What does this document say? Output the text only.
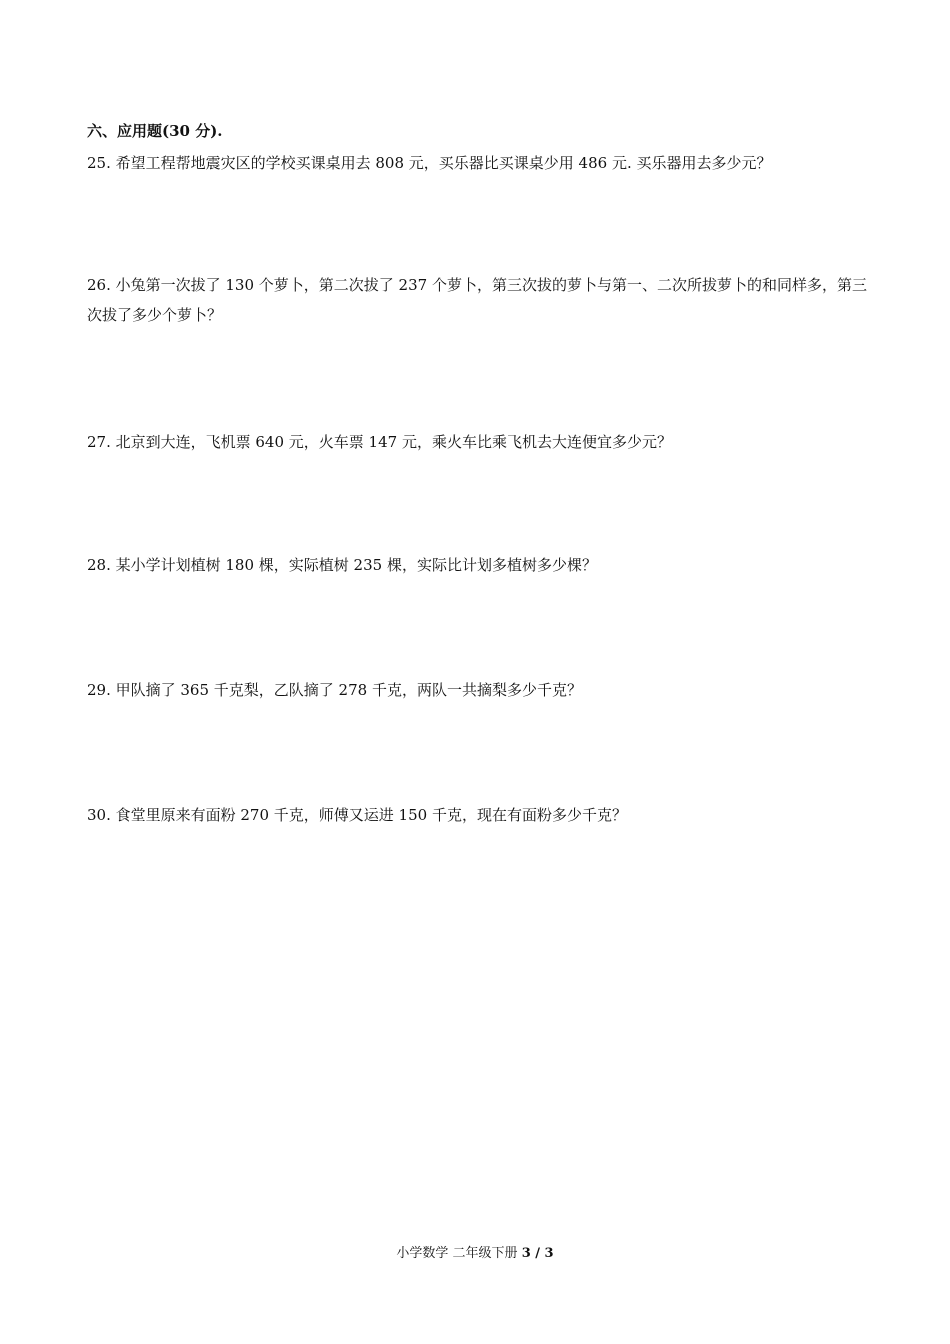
六、应用题(30 分).
25. 希望工程帮地震灾区的学校买课桌用去 808 元，买乐器比买课桌少用 486 元. 买乐器用去多少元？
26. 小兔第一次拔了 130 个萝卜，第二次拔了 237 个萝卜，第三次拔的萝卜与第一、二次所拔萝卜的和同样多，第三次拔了多少个萝卜？
27. 北京到大连，飞机票 640 元，火车票 147 元，乘火车比乘飞机去大连便宜多少元？
28. 某小学计划植树 180 棵，实际植树 235 棵，实际比计划多植树多少棵？
29. 甲队摘了 365 千克梨，乙队摘了 278 千克，两队一共摘梨多少千克？
30. 食堂里原来有面粉 270 千克，师傅又运进 150 千克，现在有面粉多少千克？
小学数学 二年级下册 3 / 3
